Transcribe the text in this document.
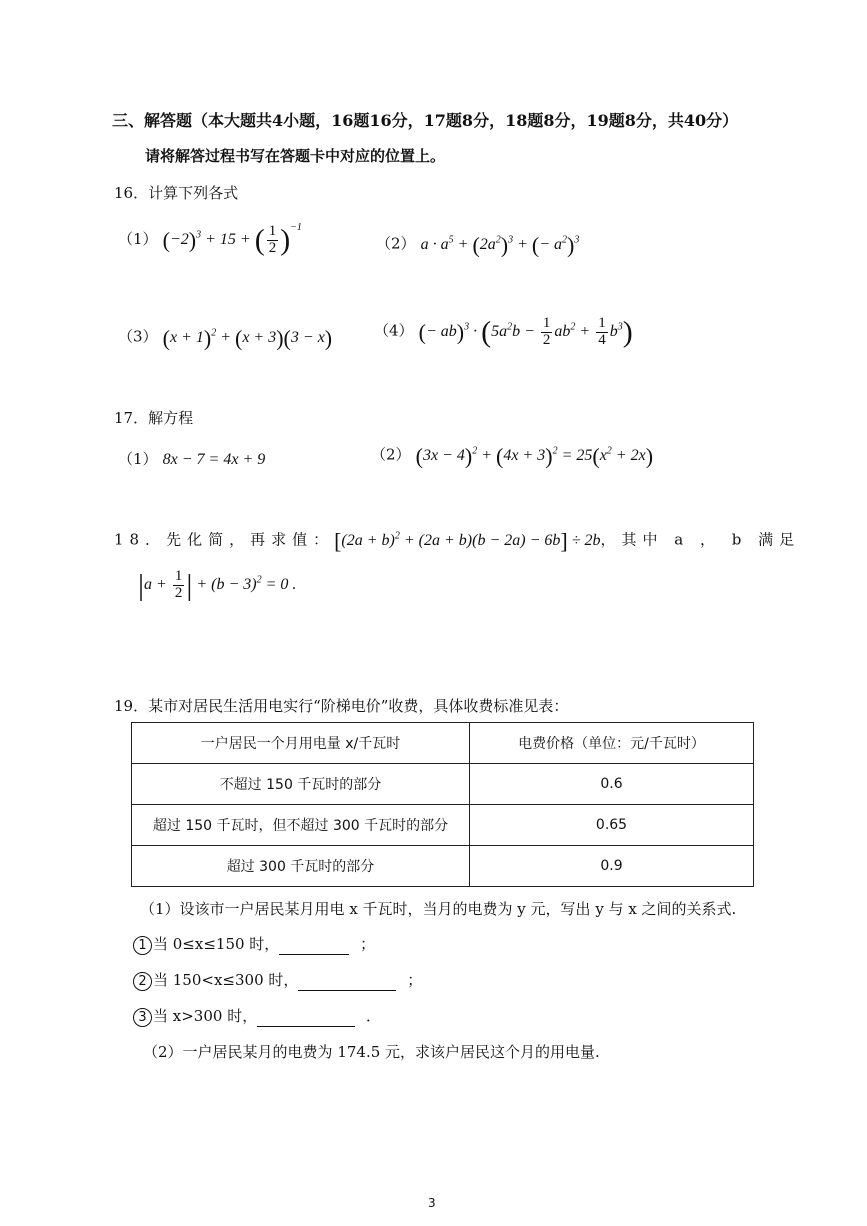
三、解答题（本大题共4小题，16题16分，17题8分，18题8分，19题8分，共40分）
请将解答过程书写在答题卡中对应的位置上。
16．计算下列各式
（1） $(-2)^3 + 15$ + ( $\frac{1}{2} )^{-1}$
（2） $a \cdot a^5 + (2a^2)^3$ + (− $a^2)^3$
（3） $(x + 1)^2 + (x + 3)(3 - x)$	（4） (− $ab)^3 \cdot (5a^2b - \frac{1}{2} ab^2 + \frac{1}{4} b^3)$
17．解方程
（1） 8x − 7 = 4x + 9	（2） $(3x - 4)^2 + (4x + 3)^2 = 25(x^2 + 2x)$
18．先化简，再求值：$[(2a + b)^2 + (2a + b)(b - 2a) - 6b] \div 2b$，其中 a ， b 满足
$|a + \frac{1}{2}$ | + $(b - 3)^2 = 0$ .
19．某市对居民生活用电实行“阶梯电价”收费，具体收费标准见表：
一户居民一个月用电量 x/千瓦时	电费价格（单位：元/千瓦时）
不超过 150 千瓦时的部分	0.6
超过 150 千瓦时，但不超过 300 千瓦时的部分	0.65
超过 300 千瓦时的部分	0.9
（1）设该市一户居民某月用电 x 千瓦时，当月的电费为 y 元，写出 y 与 x 之间的关系式.
1 当 0≤x≤150 时，	；
2 当 150<x≤300 时，	；
3 当 x>300 时，	．
（2）一户居民某月的电费为 174.5 元，求该户居民这个月的用电量.
3
